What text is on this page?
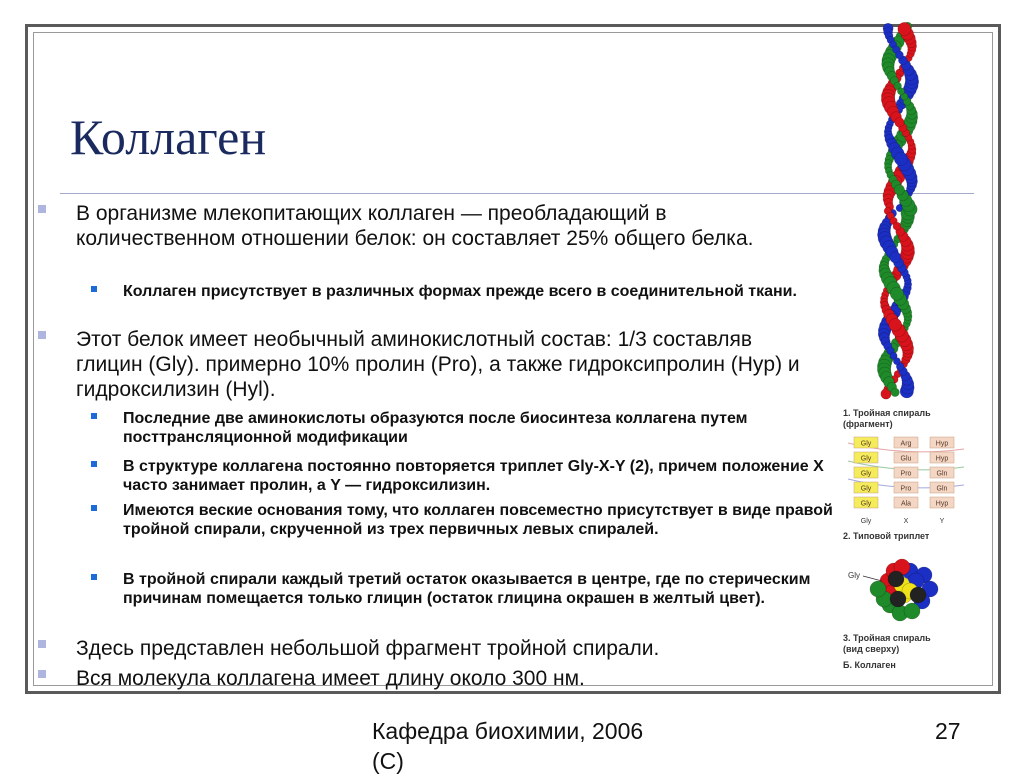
Коллаген
В организме млекопитающих коллаген — преобладающий в количественном отношении белок: он составляет 25% общего белка.
Коллаген присутствует в различных формах прежде всего в соединительной ткани.
Этот белок имеет необычный аминокислотный состав: 1/3 составляв глицин (Gly). примерно 10% пролин (Pro), а также гидроксипролин (Hyp) и гидроксилизин (Hyl).
Последние две аминокислоты образуются после биосинтеза коллагена путем посттрансляционной модификации
В структуре коллагена постоянно повторяется триплет Gly-X-Y (2), причем положение X часто занимает пролин, а Y — гидроксилизин.
Имеются веские основания тому, что коллаген повсеместно присутствует в виде правой тройной спирали, скрученной из трех первичных левых спиралей.
В тройной спирали каждый третий остаток оказывается в центре, где по стерическим причинам помещается только глицин (остаток глицина окрашен в желтый цвет).
Здесь представлен небольшой фрагмент тройной спирали.
Вся молекула коллагена имеет длину около 300 нм.
1. Тройная спираль
(фрагмент)
Gly	Arg	Hyp
Gly	Glu	Hyp
Gly	Pro	Gln
Gly	Pro	Gln
Gly	Ala	Hyp
Gly	X	Y
2. Типовой триплет
Gly
3. Тройная спираль
(вид сверху)
Б. Коллаген
Кафедра биохимии, 2006
(С)
27
